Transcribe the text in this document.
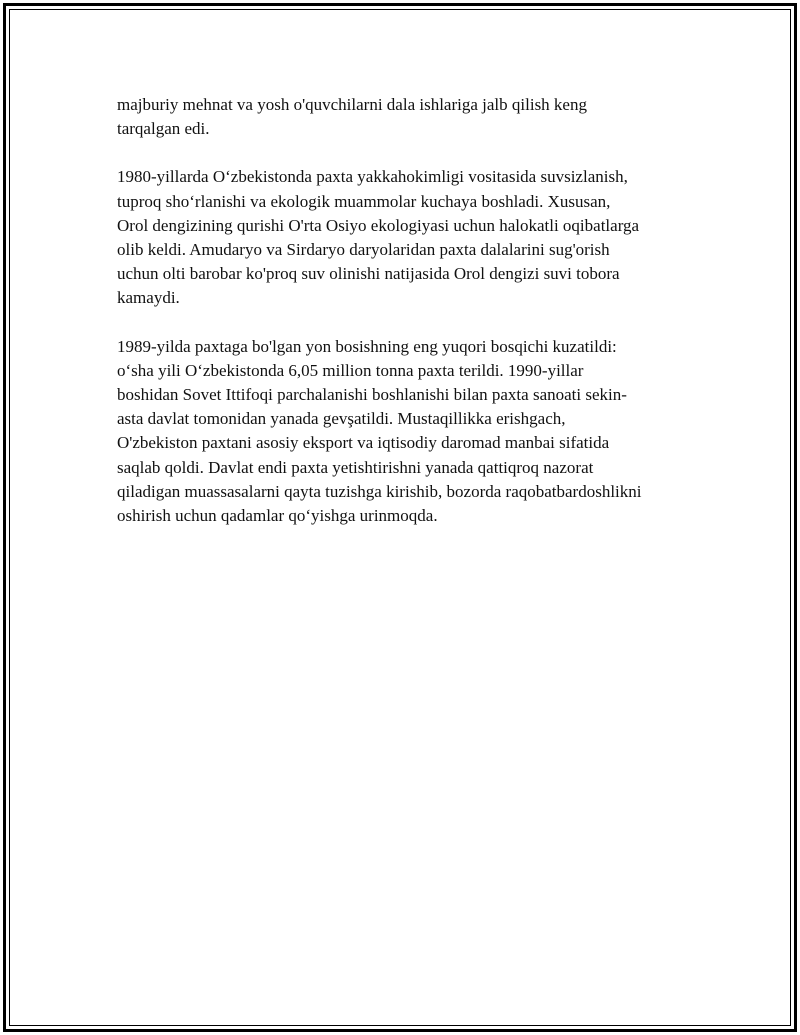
majburiy mehnat va yosh o'quvchilarni dala ishlariga jalb qilish keng
tarqalgan edi.

1980-yillarda O‘zbekistonda paxta yakkahokimligi vositasida suvsizlanish,
tuproq sho‘rlanishi va ekologik muammolar kuchaya boshladi. Xususan,
Orol dengizining qurishi O'rta Osiyo ekologiyasi uchun halokatli oqibatlarga
olib keldi. Amudaryo va Sirdaryo daryolaridan paxta dalalarini sug'orish
uchun olti barobar ko'proq suv olinishi natijasida Orol dengizi suvi tobora
kamaydi.

1989-yilda paxtaga bo'lgan yon bosishning eng yuqori bosqichi kuzatildi:
o‘sha yili O‘zbekistonda 6,05 million tonna paxta terildi. 1990-yillar
boshidan Sovet Ittifoqi parchalanishi boshlanishi bilan paxta sanoati sekin-
asta davlat tomonidan yanada gevşatildi. Mustaqillikka erishgach,
O'zbekiston paxtani asosiy eksport va iqtisodiy daromad manbai sifatida
saqlab qoldi. Davlat endi paxta yetishtirishni yanada qattiqroq nazorat
qiladigan muassasalarni qayta tuzishga kirishib, bozorda raqobatbardoshlikni
oshirish uchun qadamlar qo‘yishga urinmoqda.
